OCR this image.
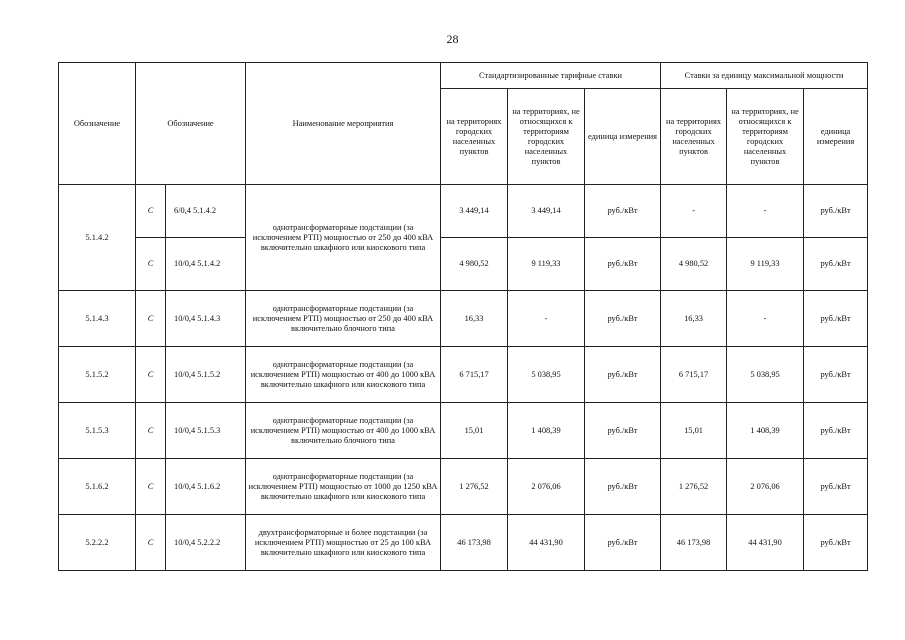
28
Обозначение	Обозначение		Наименование мероприятия	Стандартизированные тарифные ставки			Ставки за единицу максимальной мощности		
				на территориях городских населенных пунктов	на территориях, не относящихся к территориям городских населенных пунктов	единица измерения	на территориях городских населенных пунктов	на территориях, не относящихся к территориям городских населенных пунктов	единица измерения
5.1.4.2	С	6/0,4 5.1.4.2	однотрансформаторные подстанции (за исключением РТП) мощностью от 250 до 400 кВА включительно шкафного или киоскового типа	3 449,14	3 449,14	руб./кВт	-	-	руб./кВт
	С	10/0,4 5.1.4.2		4 980,52	9 119,33	руб./кВт	4 980,52	9 119,33	руб./кВт
5.1.4.3	С	10/0,4 5.1.4.3	однотрансформаторные подстанции (за исключением РТП) мощностью от 250 до 400 кВА включительно блочного типа	16,33	-	руб./кВт	16,33	-	руб./кВт
5.1.5.2	С	10/0,4 5.1.5.2	однотрансформаторные подстанции (за исключением РТП) мощностью от 400 до 1000 кВА включительно шкафного или киоскового типа	6 715,17	5 038,95	руб./кВт	6 715,17	5 038,95	руб./кВт
5.1.5.3	С	10/0,4 5.1.5.3	однотрансформаторные подстанции (за исключением РТП) мощностью от 400 до 1000 кВА включительно блочного типа	15,01	1 408,39	руб./кВт	15,01	1 408,39	руб./кВт
5.1.6.2	С	10/0,4 5.1.6.2	однотрансформаторные подстанции (за исключением РТП) мощностью от 1000 до 1250 кВА включительно шкафного или киоскового типа	1 276,52	2 076,06	руб./кВт	1 276,52	2 076,06	руб./кВт
5.2.2.2	С	10/0,4 5.2.2.2	двухтрансформаторные и более подстанции (за исключением РТП) мощностью от 25 до 100 кВА включительно шкафного или киоскового типа	46 173,98	44 431,90	руб./кВт	46 173,98	44 431,90	руб./кВт
